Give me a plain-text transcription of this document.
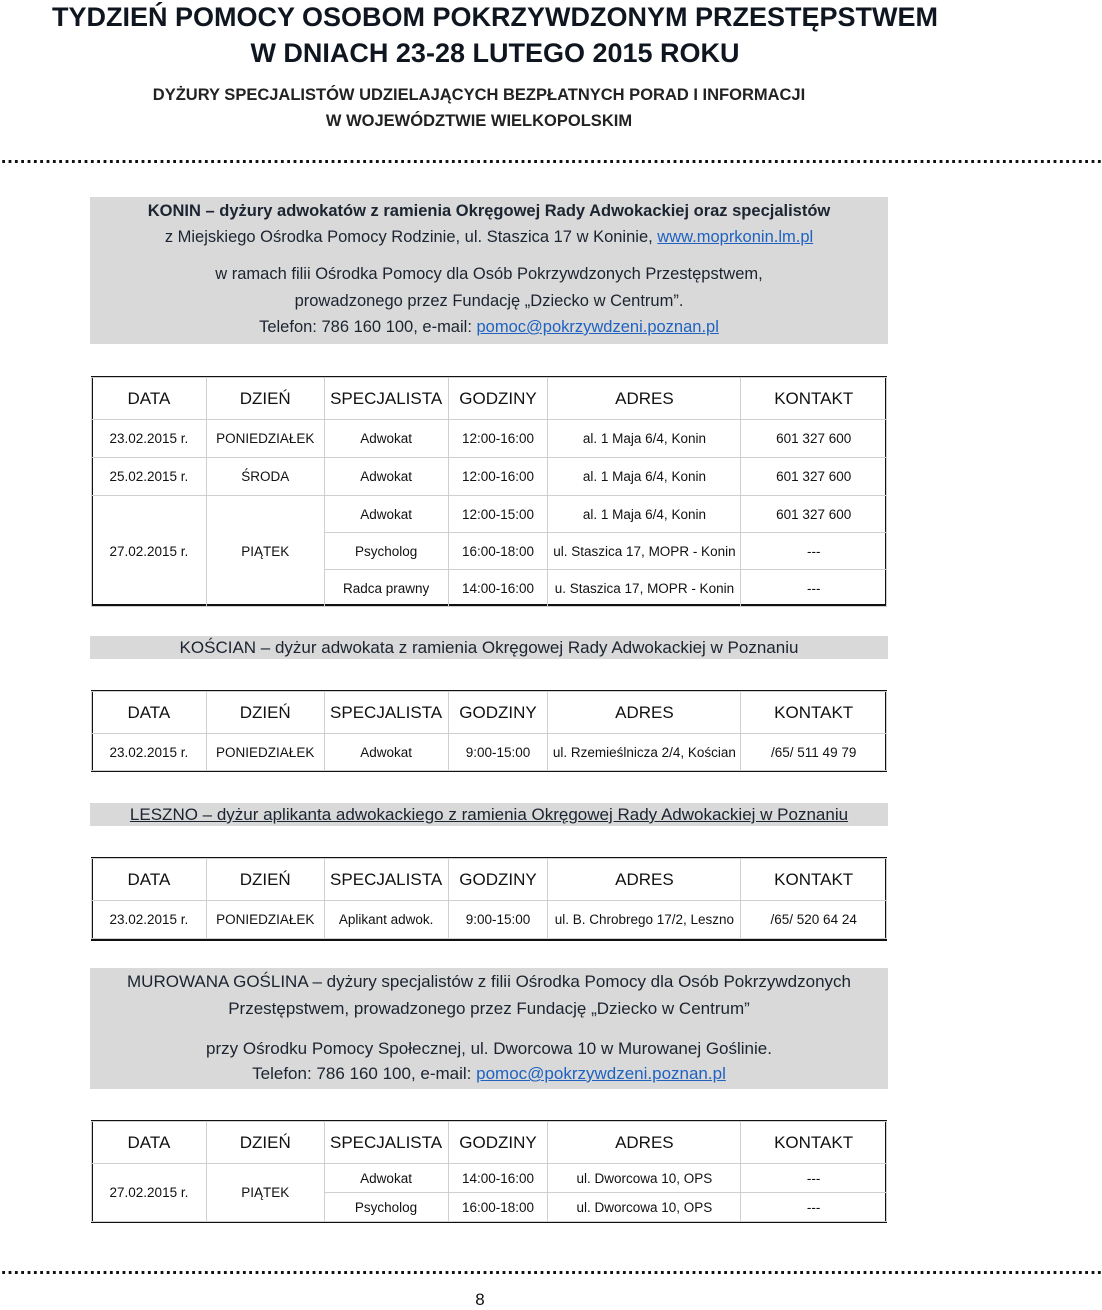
TYDZIEŃ POMOCY OSOBOM POKRZYWDZONYM PRZESTĘPSTWEM
W DNIACH 23-28 LUTEGO 2015 ROKU
DYŻURY SPECJALISTÓW UDZIELAJĄCYCH BEZPŁATNYCH PORAD I INFORMACJI
W WOJEWÓDZTWIE WIELKOPOLSKIM
…………………………………………………………………………………………………………………………………………………………
KONIN – dyżury adwokatów z ramienia Okręgowej Rady Adwokackiej oraz specjalistów
z Miejskiego Ośrodka Pomocy Rodzinie, ul. Staszica 17 w Koninie, www.moprkonin.lm.pl
w ramach filii Ośrodka Pomocy dla Osób Pokrzywdzonych Przestępstwem,
prowadzonego przez Fundację „Dziecko w Centrum”.
Telefon: 786 160 100, e-mail: pomoc@pokrzywdzeni.poznan.pl
DATA	DZIEŃ	SPECJALISTA	GODZINY	ADRES	KONTAKT
23.02.2015 r.	PONIEDZIAŁEK	Adwokat	12:00-16:00	al. 1 Maja 6/4, Konin	601 327 600
25.02.2015 r.	ŚRODA	Adwokat	12:00-16:00	al. 1 Maja 6/4, Konin	601 327 600
27.02.2015 r.	PIĄTEK	Adwokat	12:00-15:00	al. 1 Maja 6/4, Konin	601 327 600
		Psycholog	16:00-18:00	ul. Staszica 17, MOPR - Konin	---
		Radca prawny	14:00-16:00	u. Staszica 17, MOPR - Konin	---
KOŚCIAN – dyżur adwokata z ramienia Okręgowej Rady Adwokackiej w Poznaniu
DATA	DZIEŃ	SPECJALISTA	GODZINY	ADRES	KONTAKT
23.02.2015 r.	PONIEDZIAŁEK	Adwokat	9:00-15:00	ul. Rzemieślnicza 2/4, Kościan	/65/ 511 49 79
LESZNO – dyżur aplikanta adwokackiego z ramienia Okręgowej Rady Adwokackiej w Poznaniu
DATA	DZIEŃ	SPECJALISTA	GODZINY	ADRES	KONTAKT
23.02.2015 r.	PONIEDZIAŁEK	Aplikant adwok.	9:00-15:00	ul. B. Chrobrego 17/2, Leszno	/65/ 520 64 24
MUROWANA GOŚLINA – dyżury specjalistów z filii Ośrodka Pomocy dla Osób Pokrzywdzonych
Przestępstwem, prowadzonego przez Fundację „Dziecko w Centrum”
przy Ośrodku Pomocy Społecznej, ul. Dworcowa 10 w Murowanej Goślinie.
Telefon: 786 160 100, e-mail: pomoc@pokrzywdzeni.poznan.pl
DATA	DZIEŃ	SPECJALISTA	GODZINY	ADRES	KONTAKT
27.02.2015 r.	PIĄTEK	Adwokat	14:00-16:00	ul. Dworcowa 10, OPS	---
		Psycholog	16:00-18:00	ul. Dworcowa 10, OPS	---
…………………………………………………………………………………………………………………………………………………………
8
